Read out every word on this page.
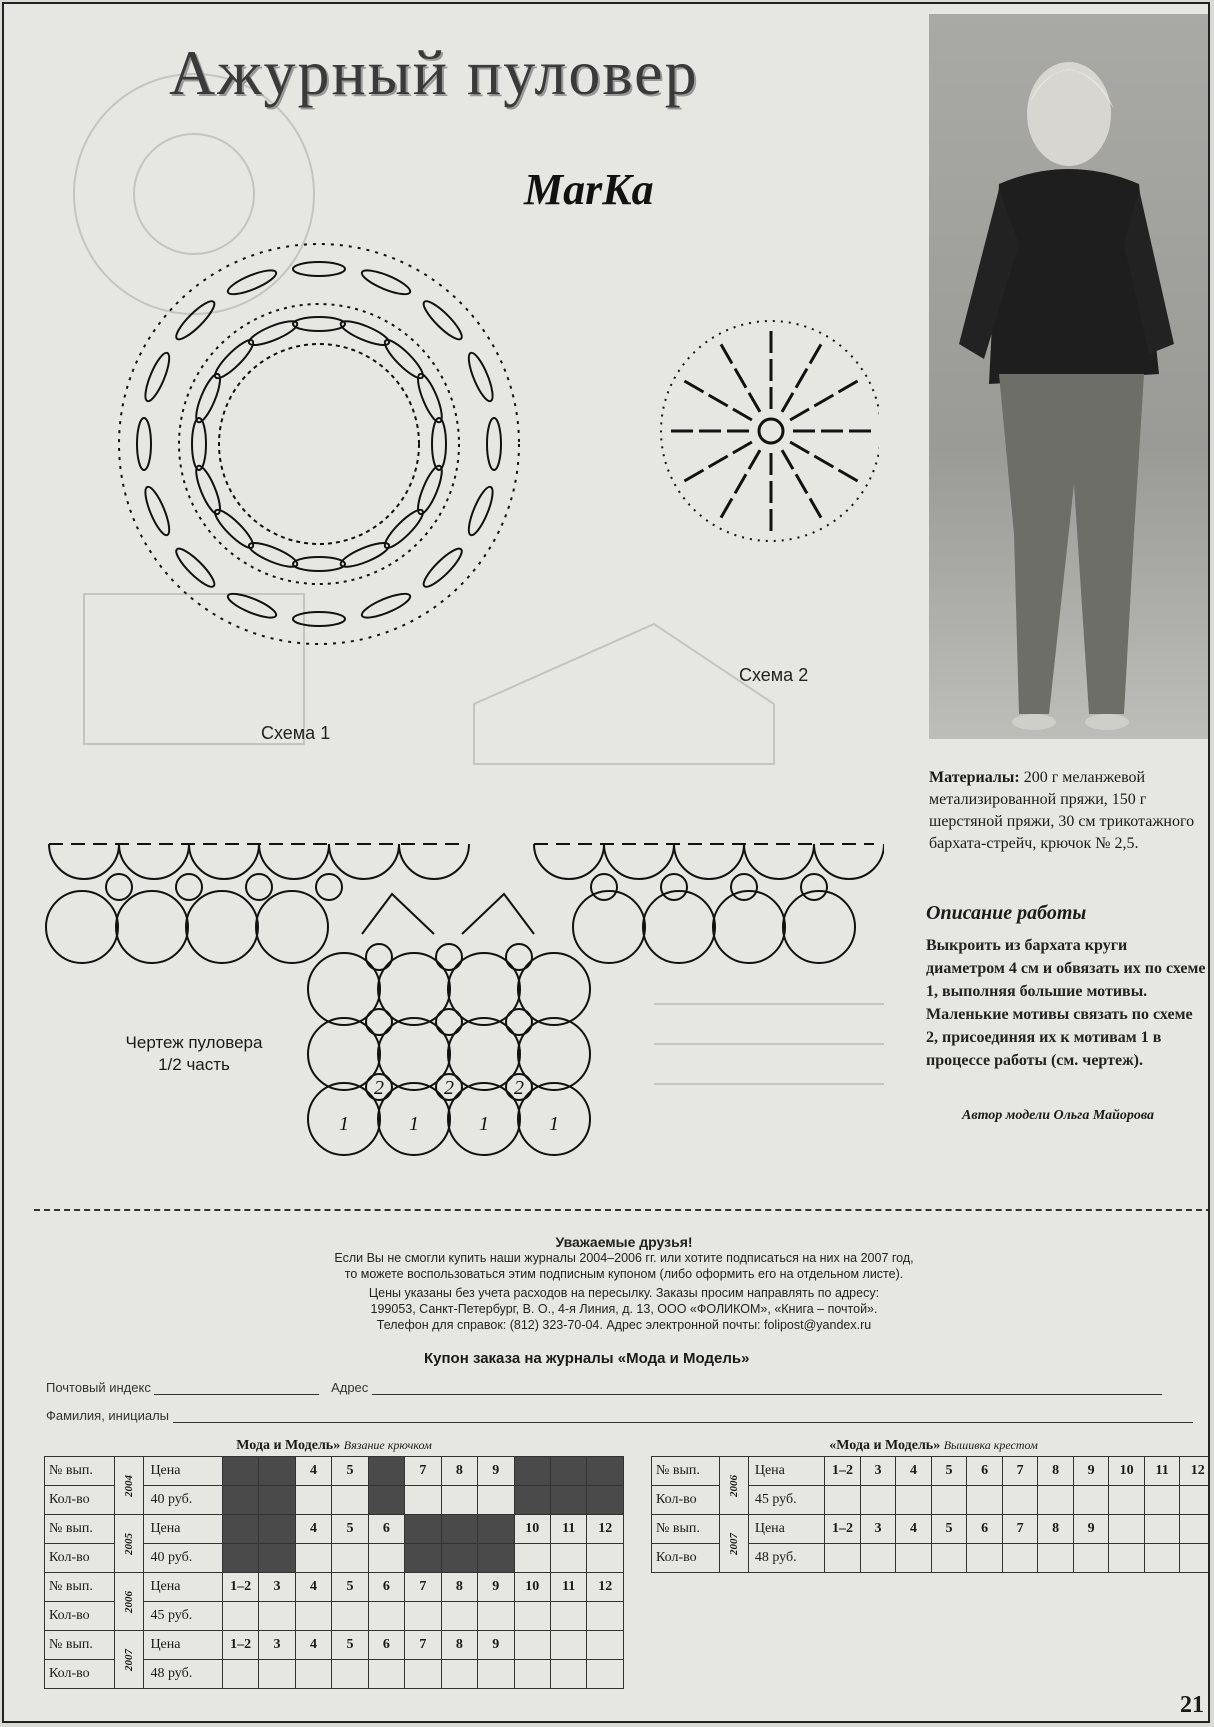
Ажурный пуловер
MarKa
Схема 1
Схема 2
2	2	2
1	1	1	1
Чертеж пуловера
1/2 часть
Материалы: 200 г меланжевой метализированной пряжи, 150 г шерстяной пряжи, 30 см трикотажного бархата-стрейч, крючок № 2,5.
Описание работы
Выкроить из бархата круги диаметром 4 см и обвязать их по схеме 1, выполняя большие мотивы. Маленькие мотивы связать по схеме 2, присоединяя их к мотивам 1 в процессе работы (см. чертеж).
Автор модели Ольга Майорова
Уважаемые друзья!
Если Вы не смогли купить наши журналы 2004–2006 гг. или хотите подписаться на них на 2007 год,
то можете воспользоваться этим подписным купоном (либо оформить его на отдельном листе).
Цены указаны без учета расходов на пересылку. Заказы просим направлять по адресу:
199053, Санкт-Петербург, В. О., 4-я Линия, д. 13, ООО «ФОЛИКОМ», «Книга – почтой».
Телефон для справок: (812) 323-70-04. Адрес электронной почты: folipost@yandex.ru
Купон заказа на журналы «Мода и Модель»
Почтовый индекс	Адрес
Фамилия, инициалы
Мода и Модель» Вязание крючком
№ вып.	2004	Цена			4	5		7	8	9			
Кол-во		40 руб.											
№ вып.	2005	Цена			4	5	6				10	11	12
Кол-во		40 руб.											
№ вып.	2006	Цена	1–2	3	4	5	6	7	8	9	10	11	12
Кол-во		45 руб.											
№ вып.	2007	Цена	1–2	3	4	5	6	7	8	9			
Кол-во		48 руб.											
«Мода и Модель» Вышивка крестом
№ вып.	2006	Цена	1–2	3	4	5	6	7	8	9	10	11	12
Кол-во		45 руб.											
№ вып.	2007	Цена	1–2	3	4	5	6	7	8	9			
Кол-во		48 руб.											
21
